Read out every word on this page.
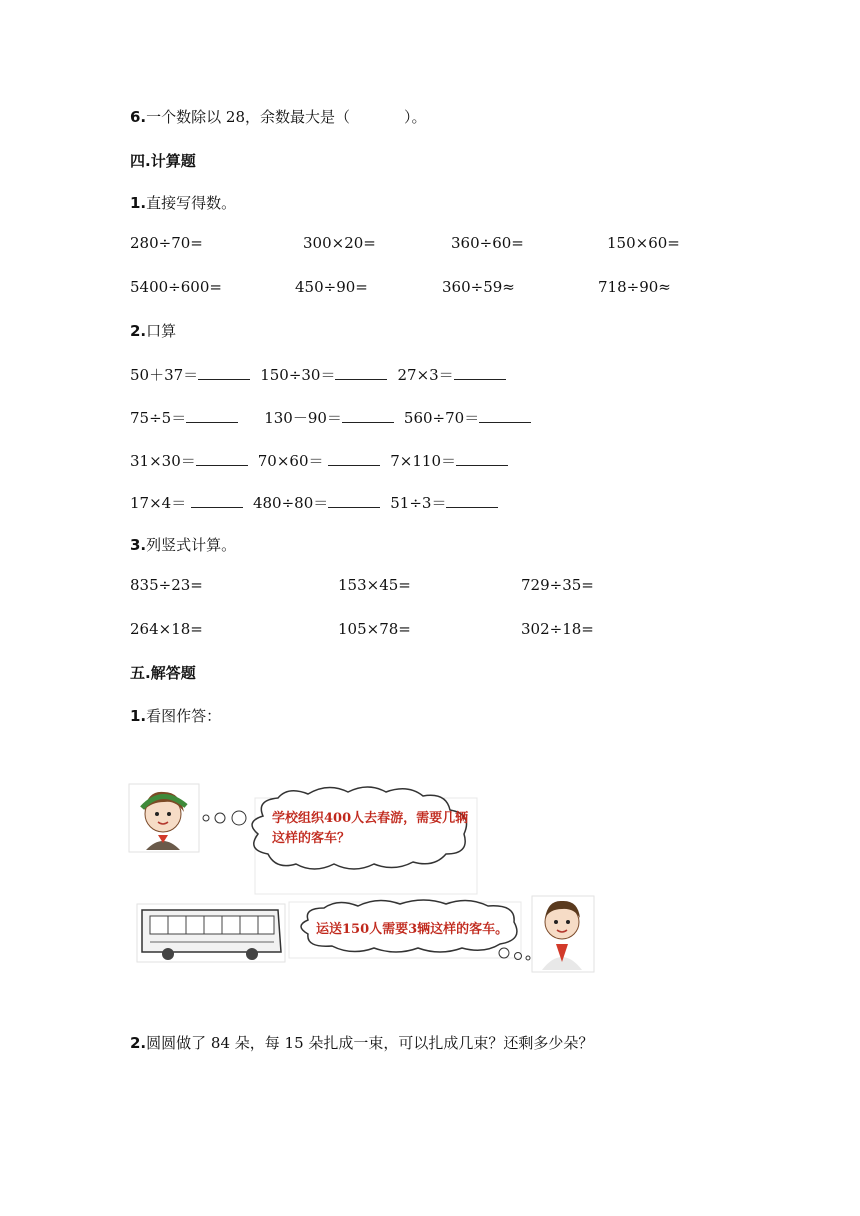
6.一个数除以 28，余数最大是（	）。
四.计算题
1.直接写得数。
280÷70=	300×20=	360÷60=	150×60=
5400÷600=	450÷90=	360÷59≈	718÷90≈
2.口算
50＋37＝	150÷30＝	27×3＝
75÷5＝	130－90＝	560÷70＝
31×30＝	70×60＝	7×110＝
17×4＝	480÷80＝	51÷3＝
3.列竖式计算。
835÷23=	153×45=	729÷35=
264×18=	105×78=	302÷18=
五.解答题
1.看图作答：
学校组织400人去春游，需要几辆
这样的客车？
运送150人需要3辆这样的客车。
2.圆圆做了 84 朵，每 15 朵扎成一束，可以扎成几束？还剩多少朵？
